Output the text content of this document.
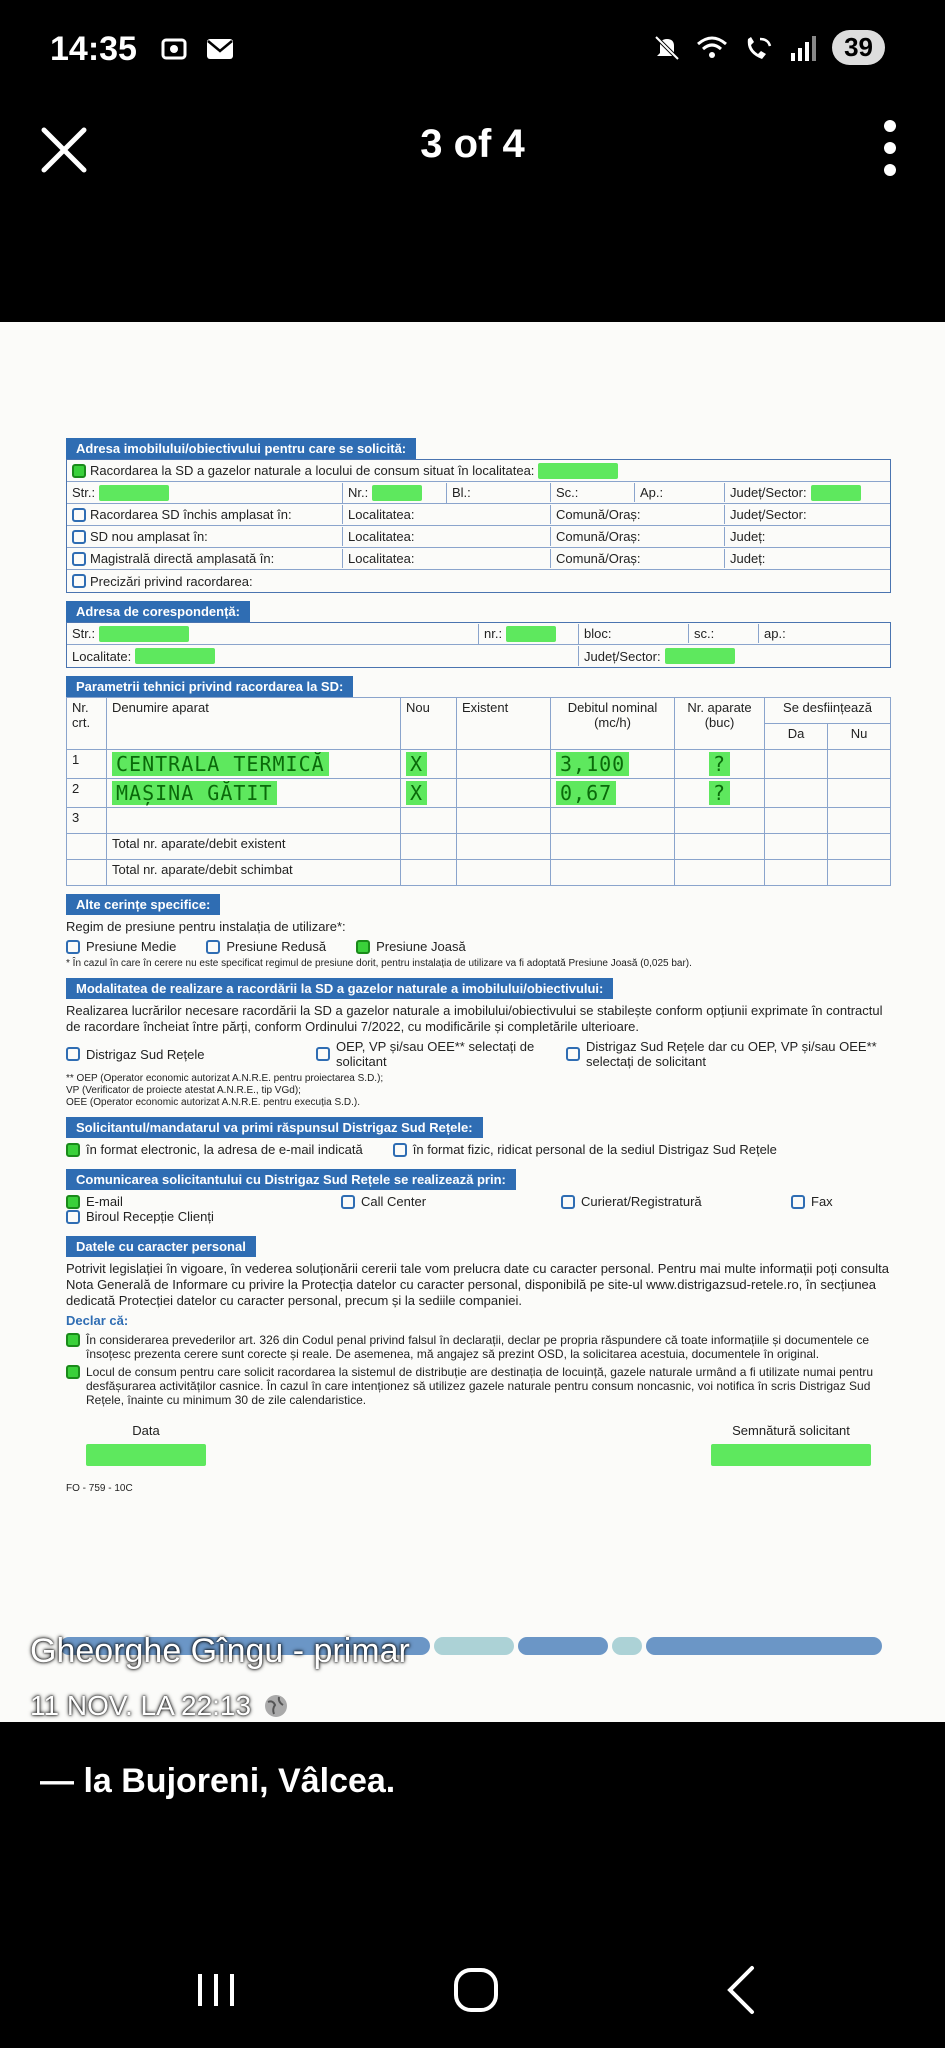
14:35	39
3 of 4
Adresa imobilului/obiectivului pentru care se solicită:
Racordarea la SD a gazelor naturale a locului de consum situat în localitatea:
Str.:	Nr.:	Bl.:	Sc.:	Ap.:	Județ/Sector:
Racordarea SD închis amplasat în:	Localitatea:	Comună/Oraș:	Județ/Sector:
SD nou amplasat în:	Localitatea:	Comună/Oraș:	Județ:
Magistrală directă amplasată în:	Localitatea:	Comună/Oraș:	Județ:
Precizări privind racordarea:
Adresa de corespondență:
Str.:	nr.:	bloc:	sc.:	ap.:
Localitate:	Județ/Sector:
Parametrii tehnici privind racordarea la SD:
Nr. crt.	Denumire aparat	Nou	Existent	Debitul nominal (mc/h)	Nr. aparate (buc)	Se desființează	
						Da	Nu
1	CENTRALA TERMICĂ	X		3,100	?		
2	MAȘINA GĂTIT	X		0,67	?		
3							
	Total nr. aparate/debit existent						
	Total nr. aparate/debit schimbat						
Alte cerințe specifice:

Regim de presiune pentru instalația de utilizare*:

Presiune Medie	Presiune Redusă	Presiune Joasă

* În cazul în care în cerere nu este specificat regimul de presiune dorit, pentru instalația de utilizare va fi adoptată Presiune Joasă (0,025 bar).

Modalitatea de realizare a racordării la SD a gazelor naturale a imobilului/obiectivului:

Realizarea lucrărilor necesare racordării la SD a gazelor naturale a imobilului/obiectivului se stabilește conform opțiunii exprimate în contractul de racordare încheiat între părți, conform Ordinului 7/2022, cu modificările și completările ulterioare.

Distrigaz Sud Rețele	OEP, VP și/sau OEE** selectați de solicitant
Distrigaz Sud Rețele dar cu OEP, VP și/sau OEE** selectați de solicitant

** OEP (Operator economic autorizat A.N.R.E. pentru proiectarea S.D.);

VP (Verificator de proiecte atestat A.N.R.E., tip VGd);

OEE (Operator economic autorizat A.N.R.E. pentru execuția S.D.).

Solicitantul/mandatarul va primi răspunsul Distrigaz Sud Rețele:
în format electronic, la adresa de e-mail indicată	în format fizic, ridicat personal de la sediul Distrigaz Sud Rețele
Comunicarea solicitantului cu Distrigaz Sud Rețele se realizează prin:
E-mail	Call Center	Curierat/Registratură	Fax
Biroul Recepție Clienți
Datele cu caracter personal

Potrivit legislației în vigoare, în vederea soluționării cererii tale vom prelucra date cu caracter personal. Pentru mai multe informații poți consulta Nota Generală de Informare cu privire la Protecția datelor cu caracter personal, disponibilă pe site-ul www.distrigazsud-retele.ro, în secțiunea dedicată Protecției datelor cu caracter personal, precum și la sediile companiei.

Declar că:

În considerarea prevederilor art. 326 din Codul penal privind falsul în declarații, declar pe propria răspundere că toate informațiile și documentele ce însoțesc prezenta cerere sunt corecte și reale. De asemenea, mă angajez să prezint OSD, la solicitarea acestuia, documentele în original.
Locul de consum pentru care solicit racordarea la sistemul de distribuție are destinația de locuință, gazele naturale urmând a fi utilizate numai pentru desfășurarea activităților casnice. În cazul în care intenționez să utilizez gazele naturale pentru consum noncasnic, voi notifica în scris Distrigaz Sud Rețele, înainte cu minimum 30 de zile calendaristice.
Data	Semnătură solicitant

FO - 759 - 10C

Gheorghe Gîngu - primar
11 NOV. LA 22:13
— la Bujoreni, Vâlcea.
